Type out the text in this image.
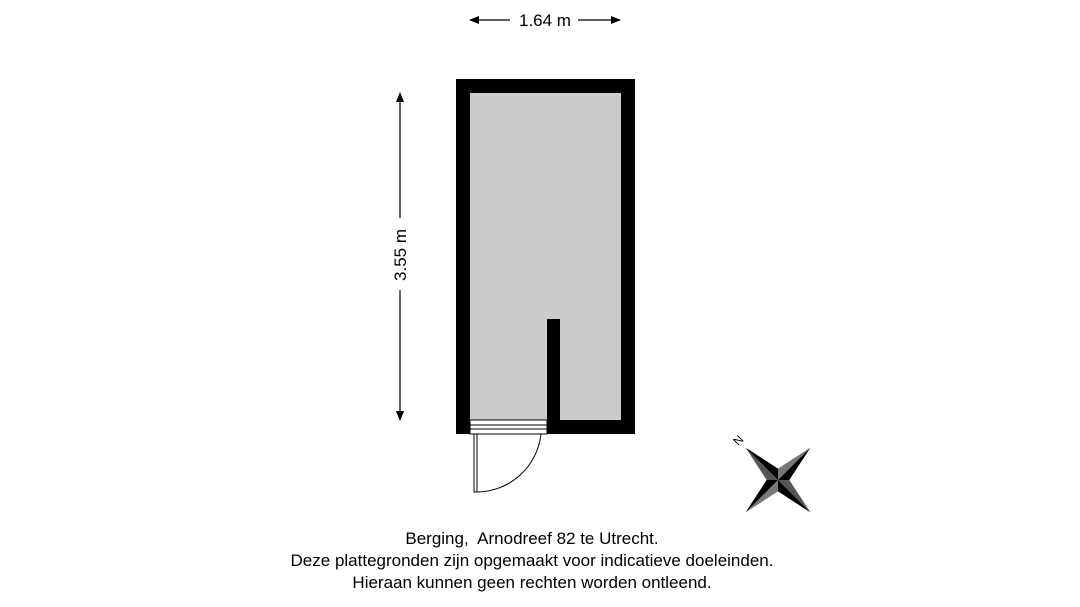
1.64 m
3.55 m
N
Berging,  Arnodreef 82 te Utrecht.
Deze plattegronden zijn opgemaakt voor indicatieve doeleinden.
Hieraan kunnen geen rechten worden ontleend.
